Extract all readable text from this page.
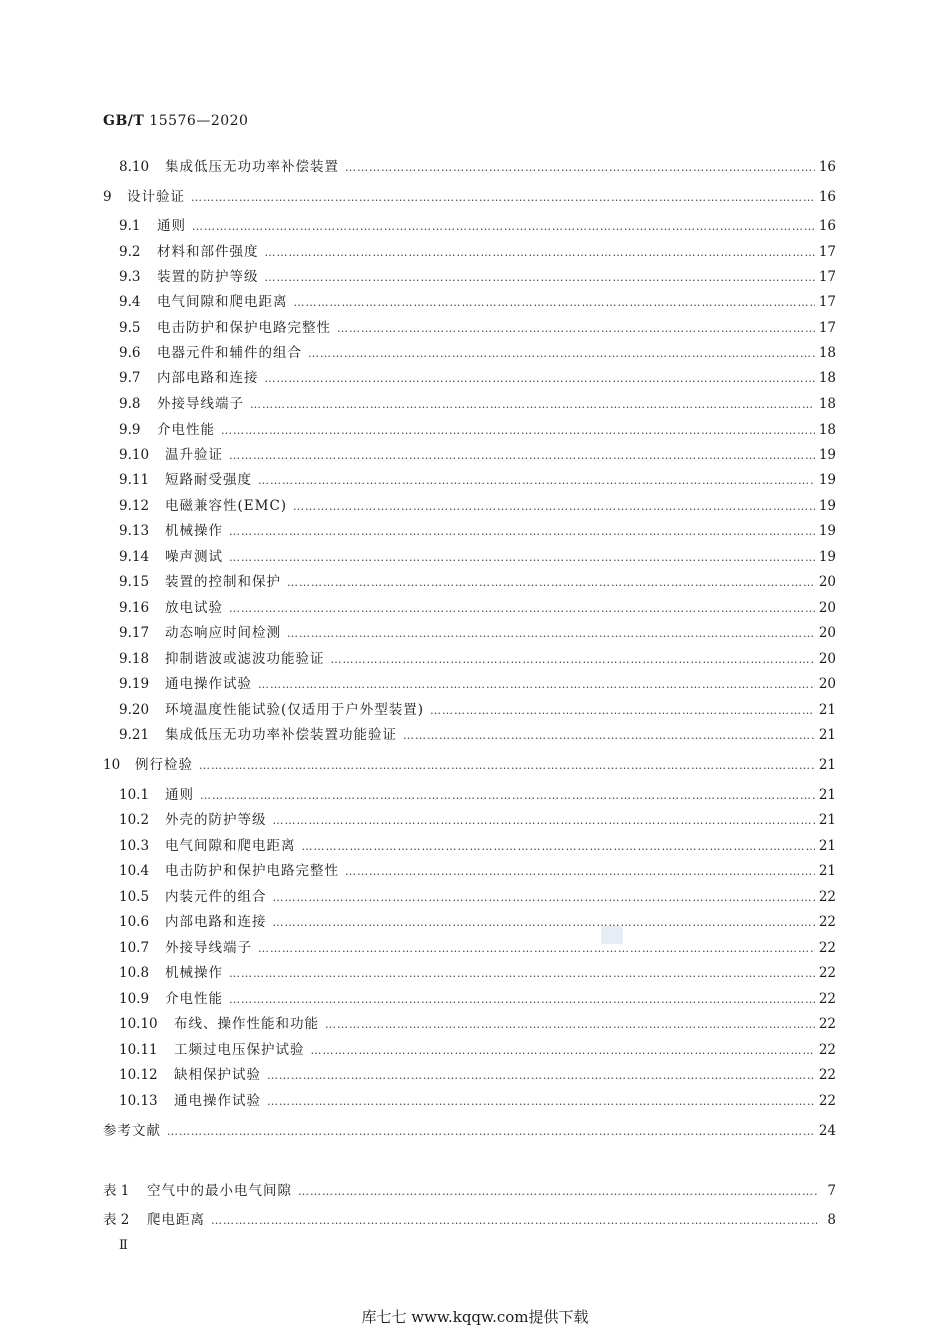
GB/T 15576—2020
8.10	集成低压无功功率补偿装置 ……………………………………………………………………………………………………………………………………………………………………………………………………………………………………	16
9	设计验证 ……………………………………………………………………………………………………………………………………………………………………………………………………………………………………	16
9.1	通则 ……………………………………………………………………………………………………………………………………………………………………………………………………………………………………	16
9.2	材料和部件强度 ……………………………………………………………………………………………………………………………………………………………………………………………………………………………………	17
9.3	装置的防护等级 ……………………………………………………………………………………………………………………………………………………………………………………………………………………………………	17
9.4	电气间隙和爬电距离 ……………………………………………………………………………………………………………………………………………………………………………………………………………………………………	17
9.5	电击防护和保护电路完整性 ……………………………………………………………………………………………………………………………………………………………………………………………………………………………………	17
9.6	电器元件和辅件的组合 ……………………………………………………………………………………………………………………………………………………………………………………………………………………………………	18
9.7	内部电路和连接 ……………………………………………………………………………………………………………………………………………………………………………………………………………………………………	18
9.8	外接导线端子 ……………………………………………………………………………………………………………………………………………………………………………………………………………………………………	18
9.9	介电性能 ……………………………………………………………………………………………………………………………………………………………………………………………………………………………………	18
9.10	温升验证 ……………………………………………………………………………………………………………………………………………………………………………………………………………………………………	19
9.11	短路耐受强度 ……………………………………………………………………………………………………………………………………………………………………………………………………………………………………	19
9.12	电磁兼容性(EMC) ……………………………………………………………………………………………………………………………………………………………………………………………………………………………………	19
9.13	机械操作 ……………………………………………………………………………………………………………………………………………………………………………………………………………………………………	19
9.14	噪声测试 ……………………………………………………………………………………………………………………………………………………………………………………………………………………………………	19
9.15	装置的控制和保护 ……………………………………………………………………………………………………………………………………………………………………………………………………………………………………	20
9.16	放电试验 ……………………………………………………………………………………………………………………………………………………………………………………………………………………………………	20
9.17	动态响应时间检测 ……………………………………………………………………………………………………………………………………………………………………………………………………………………………………	20
9.18	抑制谐波或滤波功能验证 ……………………………………………………………………………………………………………………………………………………………………………………………………………………………………	20
9.19	通电操作试验 ……………………………………………………………………………………………………………………………………………………………………………………………………………………………………	20
9.20	环境温度性能试验(仅适用于户外型装置) ……………………………………………………………………………………………………………………………………………………………………………………………………………………………………	21
9.21	集成低压无功功率补偿装置功能验证 ……………………………………………………………………………………………………………………………………………………………………………………………………………………………………	21
10	例行检验 ……………………………………………………………………………………………………………………………………………………………………………………………………………………………………	21
10.1	通则 ……………………………………………………………………………………………………………………………………………………………………………………………………………………………………	21
10.2	外壳的防护等级 ……………………………………………………………………………………………………………………………………………………………………………………………………………………………………	21
10.3	电气间隙和爬电距离 ……………………………………………………………………………………………………………………………………………………………………………………………………………………………………	21
10.4	电击防护和保护电路完整性 ……………………………………………………………………………………………………………………………………………………………………………………………………………………………………	21
10.5	内装元件的组合 ……………………………………………………………………………………………………………………………………………………………………………………………………………………………………	22
10.6	内部电路和连接 ……………………………………………………………………………………………………………………………………………………………………………………………………………………………………	22
10.7	外接导线端子 ……………………………………………………………………………………………………………………………………………………………………………………………………………………………………	22
10.8	机械操作 ……………………………………………………………………………………………………………………………………………………………………………………………………………………………………	22
10.9	介电性能 ……………………………………………………………………………………………………………………………………………………………………………………………………………………………………	22
10.10	布线、操作性能和功能 ……………………………………………………………………………………………………………………………………………………………………………………………………………………………………	22
10.11	工频过电压保护试验 ……………………………………………………………………………………………………………………………………………………………………………………………………………………………………	22
10.12	缺相保护试验 ……………………………………………………………………………………………………………………………………………………………………………………………………………………………………	22
10.13	通电操作试验 ……………………………………………………………………………………………………………………………………………………………………………………………………………………………………	22
参考文献 ……………………………………………………………………………………………………………………………………………………………………………………………………………………………………	24
表 1	空气中的最小电气间隙 ……………………………………………………………………………………………………………………………………………………………………………………………………………………………………	7
表 2	爬电距离 ……………………………………………………………………………………………………………………………………………………………………………………………………………………………………	8
Ⅱ
库七七 www.kqqw.com提供下载
